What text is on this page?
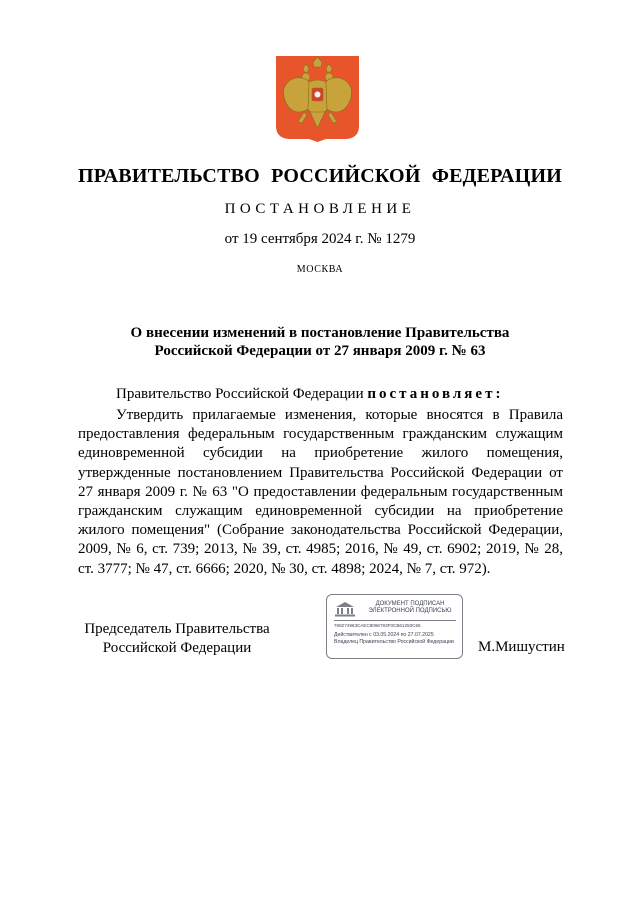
ПРАВИТЕЛЬСТВО РОССИЙСКОЙ ФЕДЕРАЦИИ
ПОСТАНОВЛЕНИЕ
от 19 сентября 2024 г. № 1279
МОСКВА
О внесении изменений в постановление Правительства
Российской Федерации от 27 января 2009 г. № 63
Правительство Российской Федерации постановляет:

Утвердить прилагаемые изменения, которые вносятся в Правила предоставления федеральным государственным гражданским служащим единовременной субсидии на приобретение жилого помещения, утвержденные постановлением Правительства Российской Федерации от 27 января 2009 г. № 63 "О предоставлении федеральным государственным гражданским служащим единовременной субсидии на приобретение жилого помещения" (Собрание законодательства Российской Федерации, 2009, № 6, ст. 739; 2013, № 39, ст. 4985; 2016, № 49, ст. 6902; 2019, № 28, ст. 3777; № 47, ст. 6666; 2020, № 30, ст. 4898; 2024, № 7, ст. 972).

Председатель Правительства
Российской Федерации
ДОКУМЕНТ ПОДПИСАН
ЭЛЕКТРОННОЙ ПОДПИСЬЮ
768274963CAEC8096783F0CB61250C66
Действителен с 03.05.2024 по 27.07.2025
Владелец Правительство Российской Федерации М.Мишустин
